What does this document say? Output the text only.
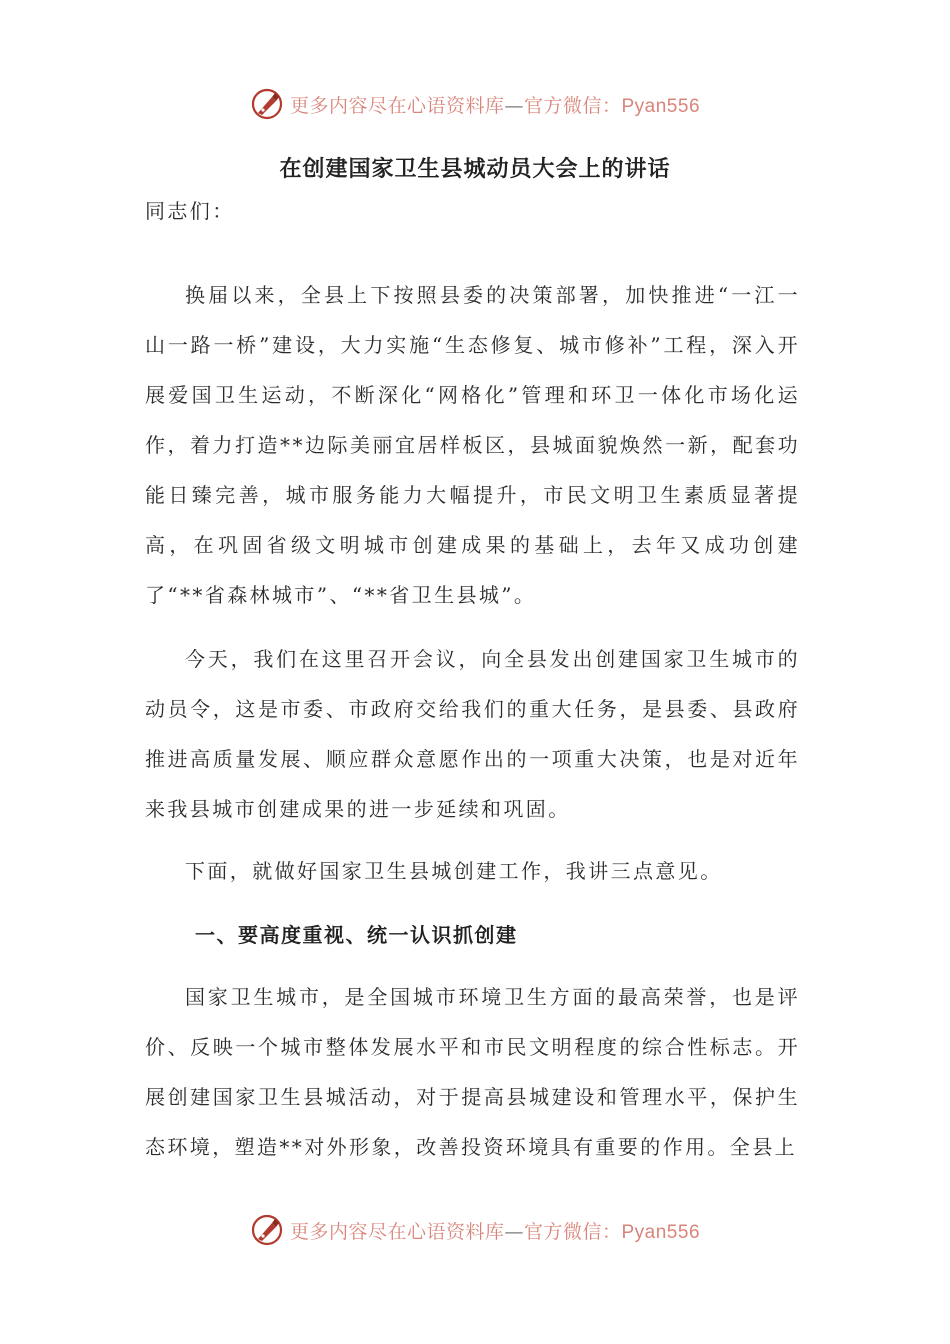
更多内容尽在心语资料库—官方微信：Pyan556
在创建国家卫生县城动员大会上的讲话
同志们：
换届以来，全县上下按照县委的决策部署，加快推进“一江一山一路一桥”建设，大力实施“生态修复、城市修补”工程，深入开展爱国卫生运动，不断深化“网格化”管理和环卫一体化市场化运作，着力打造**边际美丽宜居样板区，县城面貌焕然一新，配套功能日臻完善，城市服务能力大幅提升，市民文明卫生素质显著提高，在巩固省级文明城市创建成果的基础上，去年又成功创建了“**省森林城市”、“**省卫生县城”。
今天，我们在这里召开会议，向全县发出创建国家卫生城市的动员令，这是市委、市政府交给我们的重大任务，是县委、县政府推进高质量发展、顺应群众意愿作出的一项重大决策，也是对近年来我县城市创建成果的进一步延续和巩固。
下面，就做好国家卫生县城创建工作，我讲三点意见。
一、要高度重视、统一认识抓创建
国家卫生城市，是全国城市环境卫生方面的最高荣誉，也是评价、反映一个城市整体发展水平和市民文明程度的综合性标志。开展创建国家卫生县城活动，对于提高县城建设和管理水平，保护生态环境，塑造**对外形象，改善投资环境具有重要的作用。全县上
更多内容尽在心语资料库—官方微信：Pyan556
